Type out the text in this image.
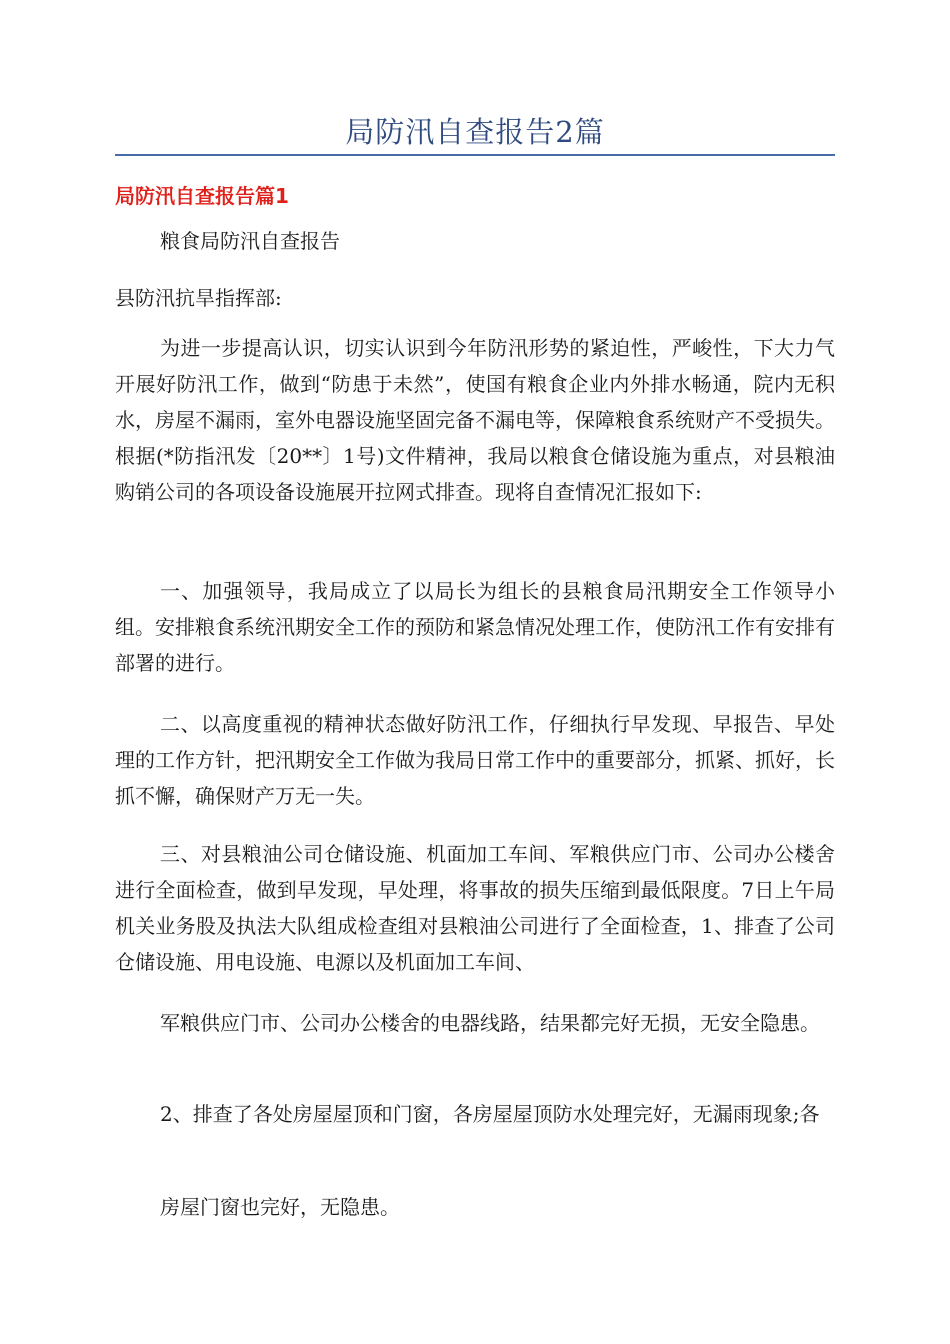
局防汛自查报告2篇
局防汛自查报告篇1

粮食局防汛自查报告

县防汛抗旱指挥部:

为进一步提高认识，切实认识到今年防汛形势的紧迫性，严峻性，下大力气开展好防汛工作，做到“防患于未然”，使国有粮食企业内外排水畅通，院内无积水，房屋不漏雨，室外电器设施坚固完备不漏电等，保障粮食系统财产不受损失。根据(*防指汛发〔20**〕1号)文件精神，我局以粮食仓储设施为重点，对县粮油购销公司的各项设备设施展开拉网式排查。现将自查情况汇报如下:

一、加强领导，我局成立了以局长为组长的县粮食局汛期安全工作领导小组。安排粮食系统汛期安全工作的预防和紧急情况处理工作，使防汛工作有安排有部署的进行。

二、以高度重视的精神状态做好防汛工作，仔细执行早发现、早报告、早处理的工作方针，把汛期安全工作做为我局日常工作中的重要部分，抓紧、抓好，长抓不懈，确保财产万无一失。

三、对县粮油公司仓储设施、机面加工车间、军粮供应门市、公司办公楼舍进行全面检查，做到早发现，早处理，将事故的损失压缩到最低限度。7日上午局机关业务股及执法大队组成检查组对县粮油公司进行了全面检查，1、排查了公司仓储设施、用电设施、电源以及机面加工车间、

军粮供应门市、公司办公楼舍的电器线路，结果都完好无损，无安全隐患。

2、排查了各处房屋屋顶和门窗，各房屋屋顶防水处理完好，无漏雨现象;各

房屋门窗也完好，无隐患。
